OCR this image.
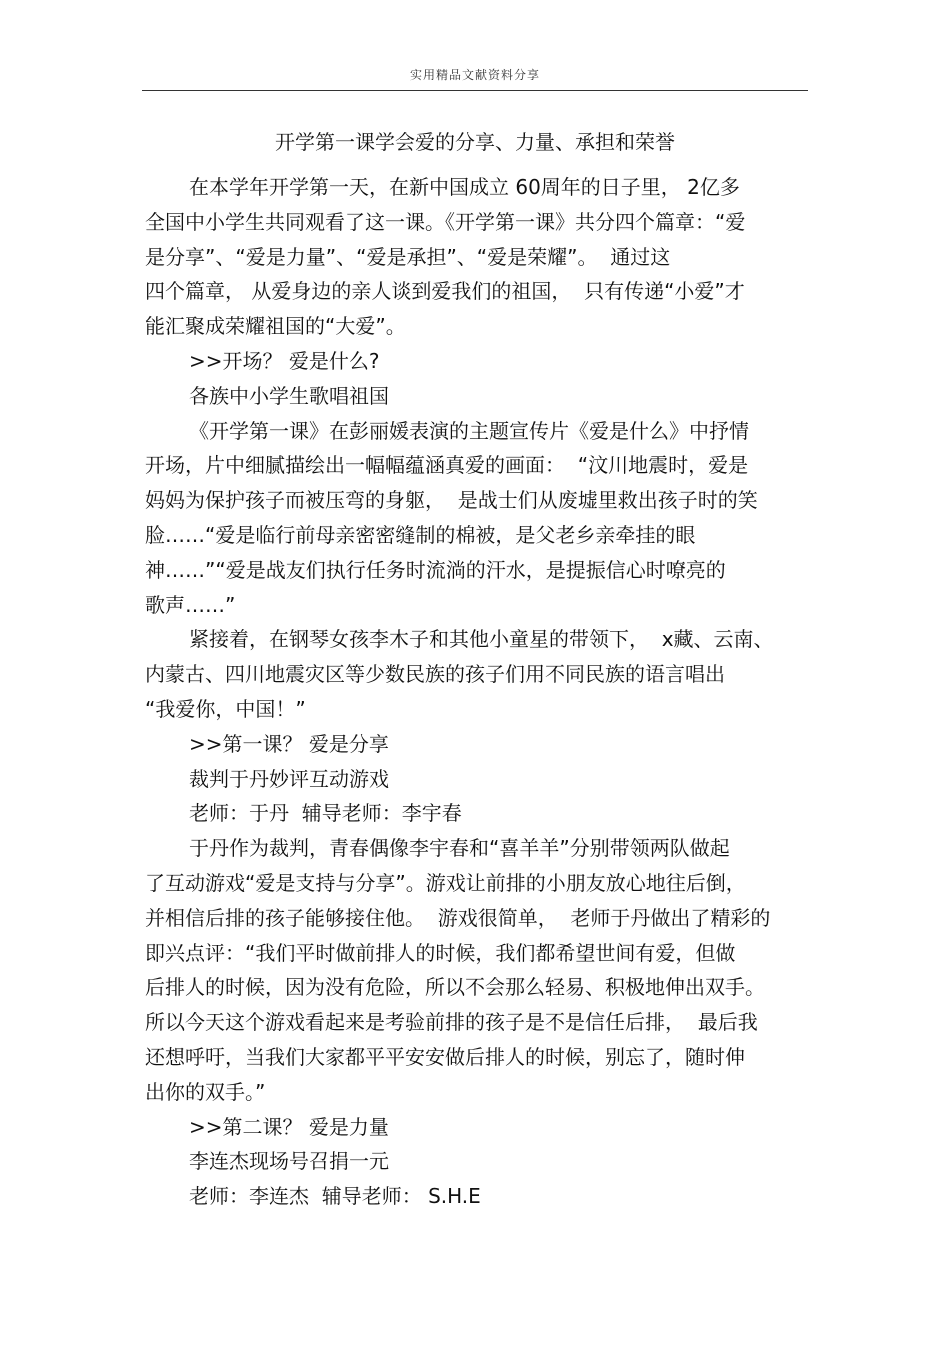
实用精品文献资料分享
开学第一课学会爱的分享、力量、承担和荣誉
在本学年开学第一天，在新中国成立 60周年的日子里， 2亿多
全国中小学生共同观看了这一课。《开学第一课》共分四个篇章：“爱
是分享”、“爱是力量”、“爱是承担”、“爱是荣耀”。  通过这
四个篇章， 从爱身边的亲人谈到爱我们的祖国，  只有传递“小爱”才
能汇聚成荣耀祖国的“大爱”。
>>开场？ 爱是什么?
各族中小学生歌唱祖国
《开学第一课》在彭丽媛表演的主题宣传片《爱是什么》中抒情
开场，片中细腻描绘出一幅幅蕴涵真爱的画面：  “汶川地震时，爱是
妈妈为保护孩子而被压弯的身躯，  是战士们从废墟里救出孩子时的笑
脸……“爱是临行前母亲密密缝制的棉被，是父老乡亲牵挂的眼
神……”“爱是战友们执行任务时流淌的汗水，是提振信心时嘹亮的
歌声……”
紧接着，在钢琴女孩李木子和其他小童星的带领下，  x藏、云南、
内蒙古、四川地震灾区等少数民族的孩子们用不同民族的语言唱出
“我爱你，中国！”
>>第一课？ 爱是分享
裁判于丹妙评互动游戏
老师：于丹  辅导老师：李宇春
于丹作为裁判，青春偶像李宇春和“喜羊羊”分别带领两队做起
了互动游戏“爱是支持与分享”。游戏让前排的小朋友放心地往后倒，
并相信后排的孩子能够接住他。  游戏很简单，  老师于丹做出了精彩的
即兴点评：“我们平时做前排人的时候，我们都希望世间有爱，但做
后排人的时候，因为没有危险，所以不会那么轻易、积极地伸出双手。
所以今天这个游戏看起来是考验前排的孩子是不是信任后排，  最后我
还想呼吁，当我们大家都平平安安做后排人的时候，别忘了，随时伸
出你的双手。”
>>第二课？ 爱是力量
李连杰现场号召捐一元
老师：李连杰  辅导老师： S.H.E
